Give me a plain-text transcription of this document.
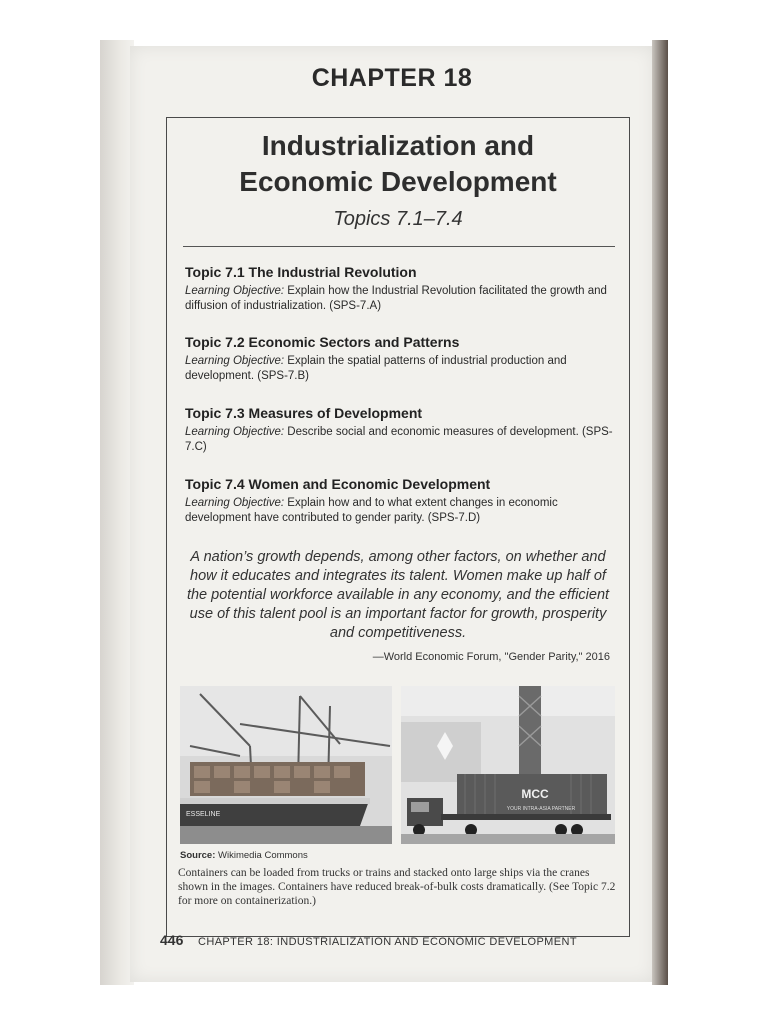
CHAPTER 18
Industrialization and
Economic Development
Topics 7.1–7.4
Topic 7.1 The Industrial Revolution

Learning Objective: Explain how the Industrial Revolution facilitated the growth and diffusion of industrialization. (SPS-7.A)

Topic 7.2 Economic Sectors and Patterns

Learning Objective: Explain the spatial patterns of industrial production and development. (SPS-7.B)

Topic 7.3 Measures of Development

Learning Objective: Describe social and economic measures of development. (SPS-7.C)

Topic 7.4 Women and Economic Development

Learning Objective: Explain how and to what extent changes in economic development have contributed to gender parity. (SPS-7.D)

A nation’s growth depends, among other factors, on whether and how it educates and integrates its talent. Women make up half of the potential workforce available in any economy, and the efficient use of this talent pool is an important factor for growth, prosperity and competitiveness.

—World Economic Forum, "Gender Parity," 2016
ESSELINE
MCC
YOUR INTRA-ASIA PARTNER
Source: Wikimedia Commons

Containers can be loaded from trucks or trains and stacked onto large ships via the cranes shown in the images. Containers have reduced break-of-bulk costs dramatically. (See Topic 7.2 for more on containerization.)

446 CHAPTER 18: INDUSTRIALIZATION AND ECONOMIC DEVELOPMENT
